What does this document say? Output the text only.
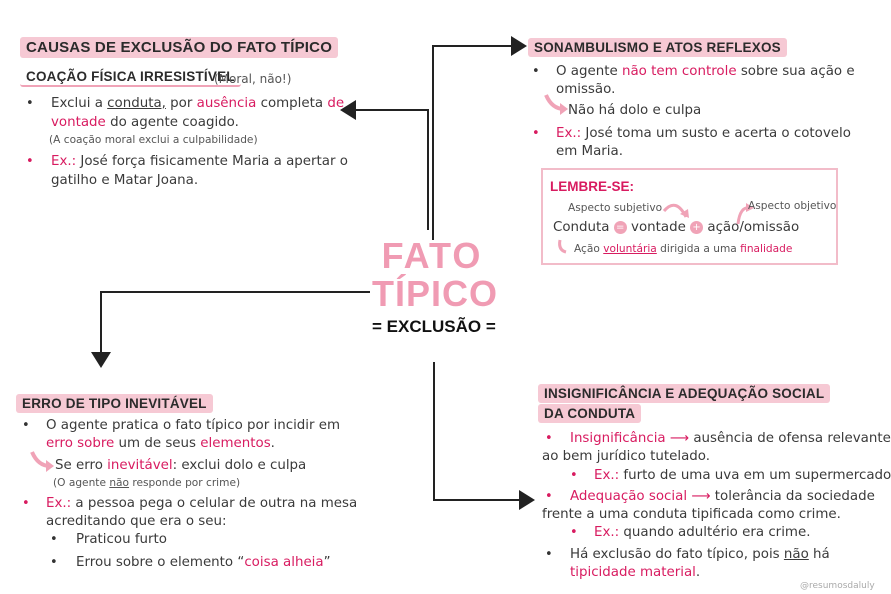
FATO
TÍPICO
= EXCLUSÃO =
CAUSAS DE EXCLUSÃO DO FATO TÍPICO
COAÇÃO FÍSICA IRRESISTÍVEL
(Moral, não!)
• Exclui a conduta, por ausência completa de
vontade do agente coagido.
(A coação moral exclui a culpabilidade)
• Ex.: José força fisicamente Maria a apertar o
gatilho e Matar Joana.
SONAMBULISMO E ATOS REFLEXOS
• O agente não tem controle sobre sua ação e
omissão.
Não há dolo e culpa
• Ex.: José toma um susto e acerta o cotovelo
em Maria.
LEMBRE-SE:
Aspecto subjetivo	Aspecto objetivo
Conduta = vontade + ação/omissão
Ação voluntária dirigida a uma finalidade
ERRO DE TIPO INEVITÁVEL
• O agente pratica o fato típico por incidir em
erro sobre um de seus elementos.
Se erro inevitável: exclui dolo e culpa
(O agente não responde por crime)
• Ex.: a pessoa pega o celular de outra na mesa
acreditando que era o seu:
• Praticou furto
• Errou sobre o elemento “coisa alheia”
INSIGNIFICÂNCIA E ADEQUAÇÃO SOCIAL
DA CONDUTA
• Insignificância ⟶ ausência de ofensa relevante
ao bem jurídico tutelado.
• Ex.: furto de uma uva em um supermercado
• Adequação social ⟶ tolerância da sociedade
frente a uma conduta tipificada como crime.
• Ex.: quando adultério era crime.
• Há exclusão do fato típico, pois não há
tipicidade material.
@resumosdaluly
